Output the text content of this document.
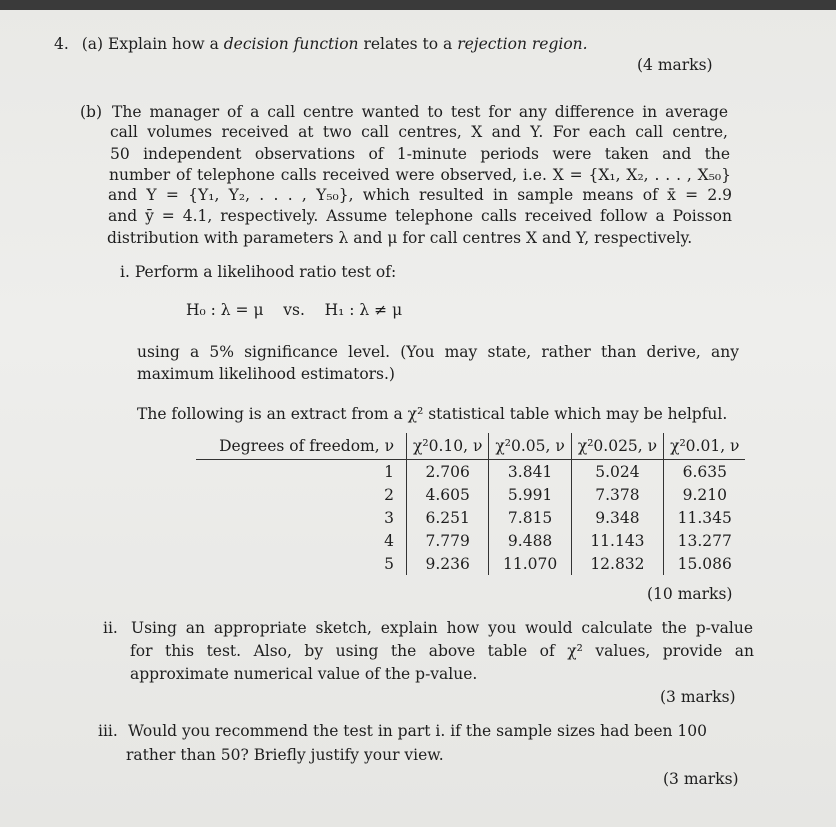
4. (a) Explain how a decision function relates to a rejection region.
(4 marks)
(b) The manager of a call centre wanted to test for any difference in average
call volumes received at two call centres, X and Y. For each call centre,
50 independent observations of 1-minute periods were taken and the
number of telephone calls received were observed, i.e. X = {X₁, X₂, . . . , X₅₀}
and Y = {Y₁, Y₂, . . . , Y₅₀}, which resulted in sample means of x̄ = 2.9
and ȳ = 4.1, respectively. Assume telephone calls received follow a Poisson
distribution with parameters λ and μ for call centres X and Y, respectively.
i. Perform a likelihood ratio test of:
H₀ : λ = μ    vs.    H₁ : λ ≠ μ
using a 5% significance level. (You may state, rather than derive, any
maximum likelihood estimators.)
The following is an extract from a χ² statistical table which may be helpful.
Degrees of freedom, ν	χ²0.10, ν	χ²0.05, ν	χ²0.025, ν	χ²0.01, ν
1	2.706	3.841	5.024	6.635
2	4.605	5.991	7.378	9.210
3	6.251	7.815	9.348	11.345
4	7.779	9.488	11.143	13.277
5	9.236	11.070	12.832	15.086
(10 marks)
ii. Using an appropriate sketch, explain how you would calculate the p-value
for this test. Also, by using the above table of χ² values, provide an
approximate numerical value of the p-value.
(3 marks)
iii. Would you recommend the test in part i. if the sample sizes had been 100
rather than 50? Briefly justify your view.
(3 marks)
